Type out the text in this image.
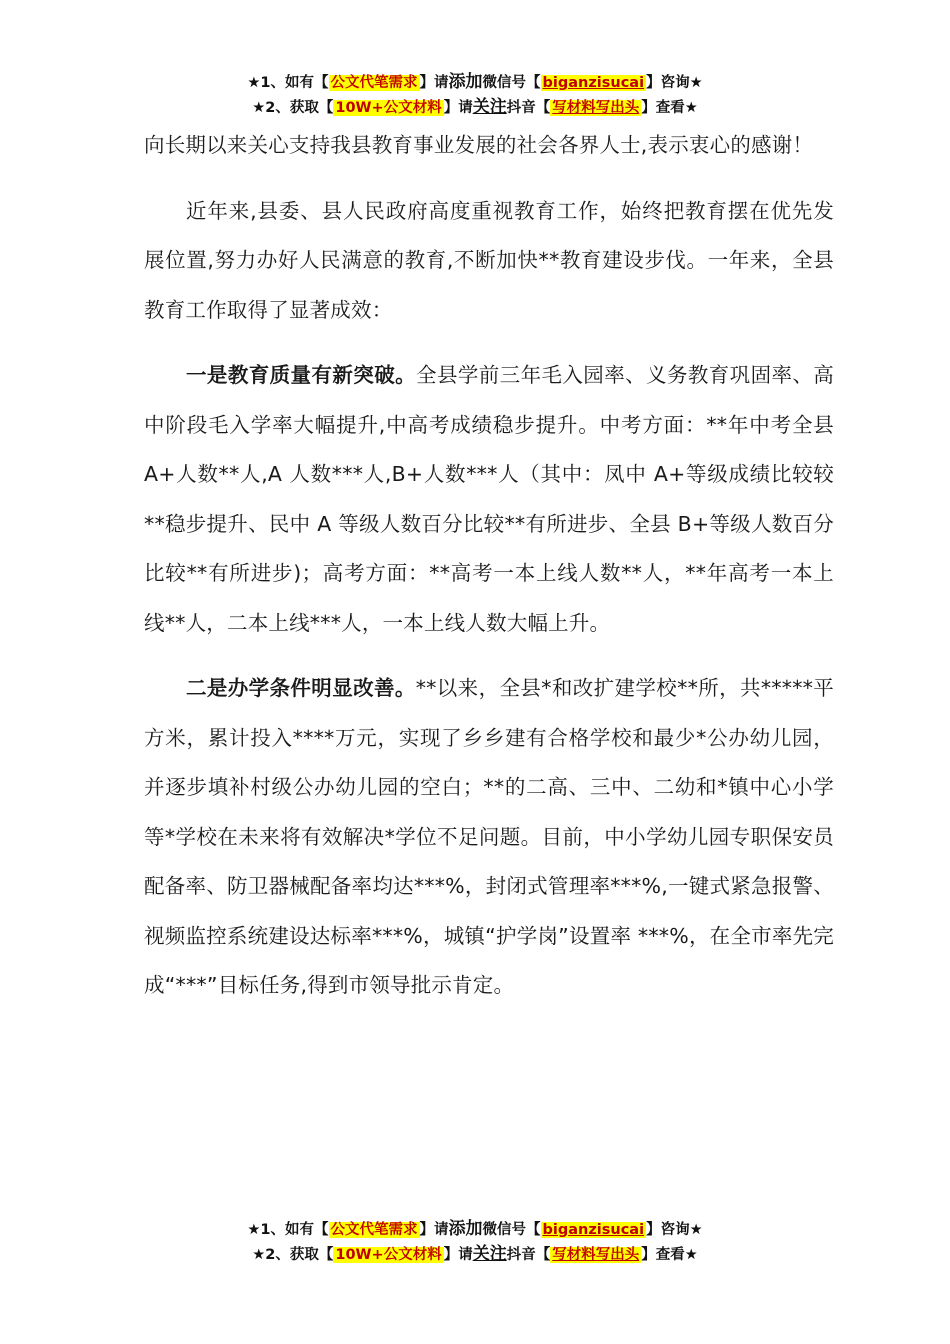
★1、如有【 公文代笔需求 】请添加微信号【 biganzisucai 】咨询★
★2、获取【 10W+公文材料 】请关注抖音【 写材料写出头 】查看★

向长期以来关心支持我县教育事业发展的社会各界人士,表示衷心的感谢！

近年来,县委、县人民政府高度重视教育工作，始终把教育摆在优先发展位置,努力办好人民满意的教育,不断加快**教育建设步伐。一年来，全县教育工作取得了显著成效：

一是教育质量有新突破。全县学前三年毛入园率、义务教育巩固率、高中阶段毛入学率大幅提升,中高考成绩稳步提升。中考方面：**年中考全县 A+人数**人,A 人数***人,B+人数***人（其中：凤中 A+等级成绩比较较**稳步提升、民中 A 等级人数百分比较**有所进步、全县 B+等级人数百分比较**有所进步)；高考方面：**高考一本上线人数**人，**年高考一本上线**人，二本上线***人，一本上线人数大幅上升。

二是办学条件明显改善。**以来，全县*和改扩建学校**所，共*****平方米，累计投入****万元，实现了乡乡建有合格学校和最少*公办幼儿园，并逐步填补村级公办幼儿园的空白；**的二高、三中、二幼和*镇中心小学等*学校在未来将有效解决*学位不足问题。目前，中小学幼儿园专职保安员配备率、防卫器械配备率均达***%，封闭式管理率***%,一键式紧急报警、视频监控系统建设达标率***%，城镇“护学岗”设置率 ***%，在全市率先完成“***”目标任务,得到市领导批示肯定。

★1、如有【 公文代笔需求 】请添加微信号【 biganzisucai 】咨询★
★2、获取【 10W+公文材料 】请关注抖音【 写材料写出头 】查看★
